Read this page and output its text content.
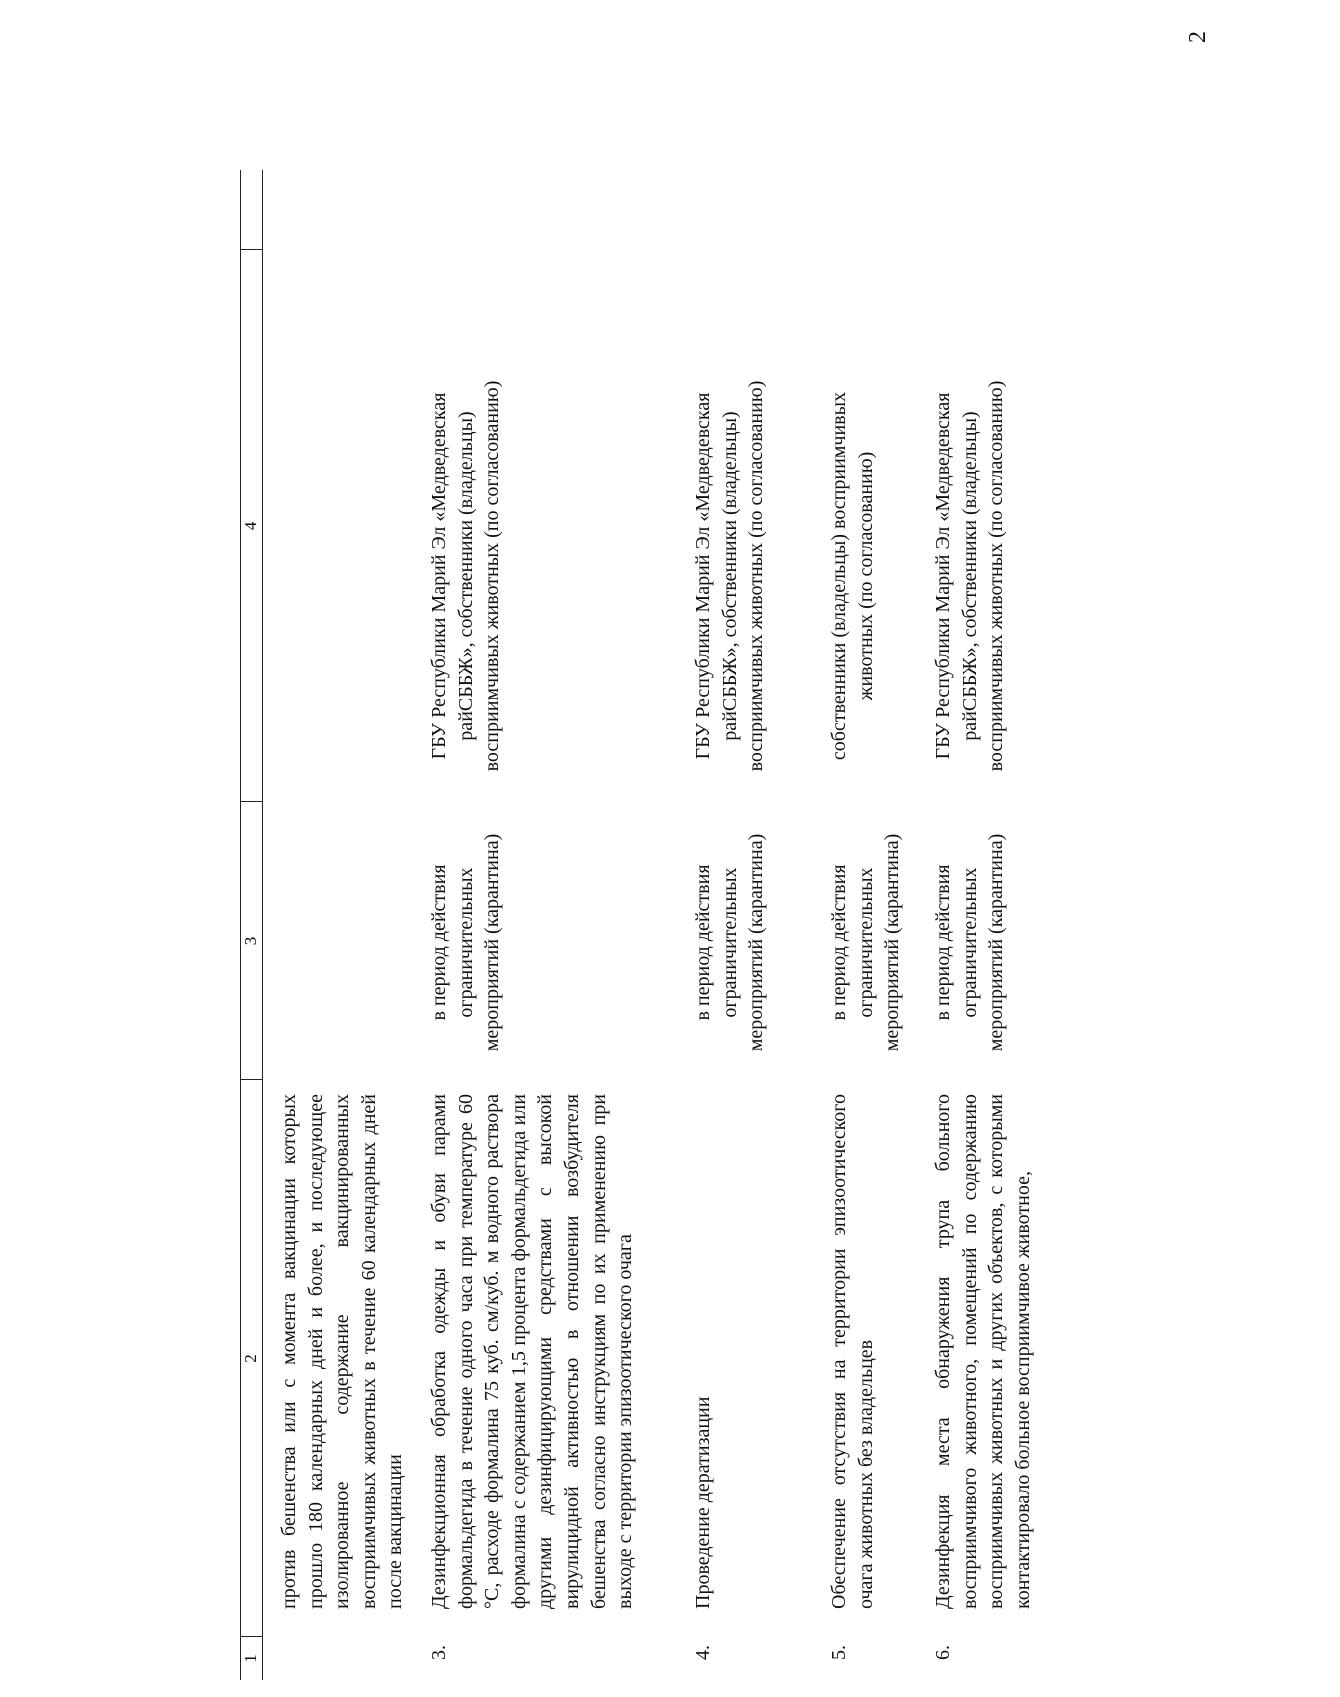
2
1
2
3
4
против бешенства или с момента вакцинации которых прошло 180 календарных дней и более, и последующее изолированное содержание вакцинированных восприимчивых животных в течение 60 календарных дней после вакцинации
3.
Дезинфекционная обработка одежды и обуви парами формальдегида в течение одного часа при температуре 60 °С, расходе формалина 75 куб. см/куб. м водного раствора формалина с содержанием 1,5 процента формальдегида или другими дезинфицирующими средствами с высокой вирулицидной активностью в отношении возбудителя бешенства согласно инструкциям по их применению при выходе с территории эпизоотического очага
в период действия ограничительных мероприятий (карантина)
ГБУ Республики Марий Эл «Медведевская райСББЖ», собственники (владельцы) восприимчивых животных (по согласованию)
4.
Проведение дератизации
в период действия ограничительных мероприятий (карантина)
ГБУ Республики Марий Эл «Медведевская райСББЖ», собственники (владельцы) восприимчивых животных (по согласованию)
5.
Обеспечение отсутствия на территории эпизоотического очага животных без владельцев
в период действия ограничительных мероприятий (карантина)
собственники (владельцы) восприимчивых животных (по согласованию)
6.
Дезинфекция места обнаружения трупа больного восприимчивого животного, помещений по содержанию восприимчивых животных и других объектов, с которыми контактировало больное восприимчивое животное,
в период действия ограничительных мероприятий (карантина)
ГБУ Республики Марий Эл «Медведевская райСББЖ», собственники (владельцы) восприимчивых животных (по согласованию)
